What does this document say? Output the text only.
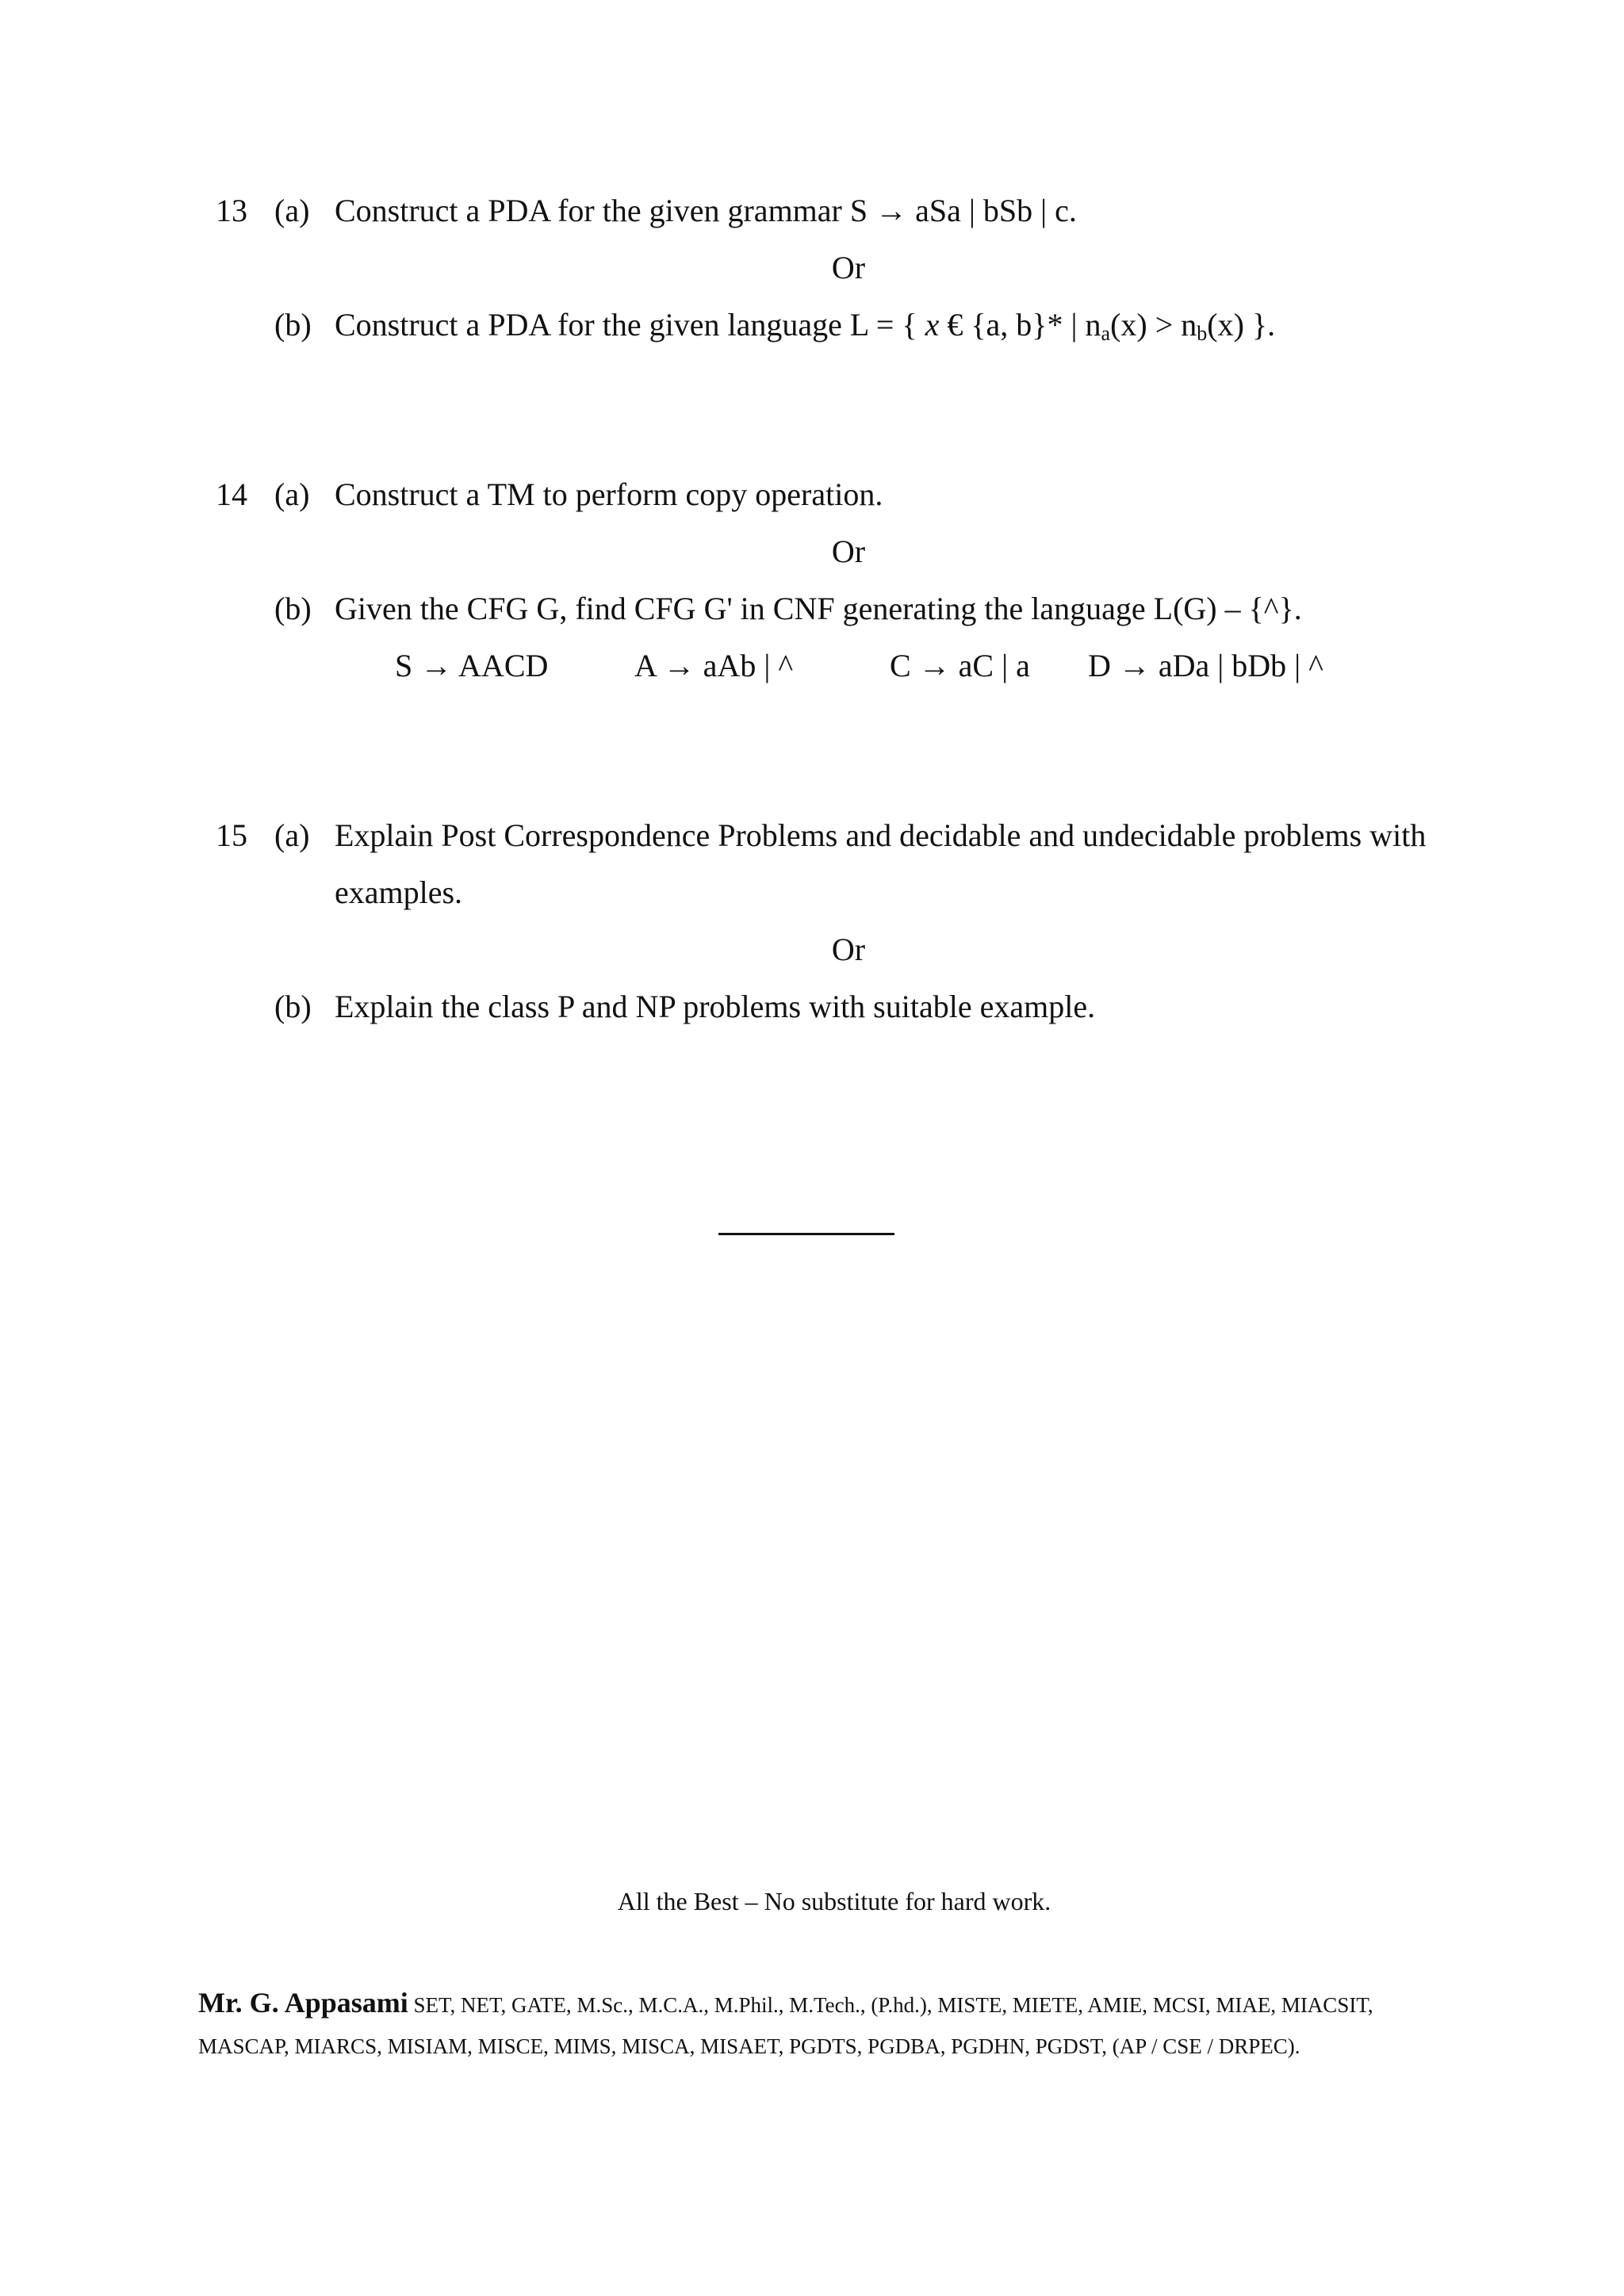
13 (a) Construct a PDA for the given grammar S → aSa | bSb | c.
Or
(b) Construct a PDA for the given language L = { x € {a, b}* | $n_a(x) > n_b(x)$ }.
14 (a) Construct a TM to perform copy operation.
Or
(b) Given the CFG G, find CFG G' in CNF generating the language L(G) – {^}.
S → AACD	A → aAb | ^	C → aC | a D → aDa | bDb | ^
15 (a) Explain Post Correspondence Problems and decidable and undecidable problems with
examples.
Or
(b) Explain the class P and NP problems with suitable example.
All the Best – No substitute for hard work.
Mr. G. Appasami SET, NET, GATE, M.Sc., M.C.A., M.Phil., M.Tech., (P.hd.), MISTE, MIETE, AMIE, MCSI, MIAE, MIACSIT,
MASCAP, MIARCS, MISIAM, MISCE, MIMS, MISCA, MISAET, PGDTS, PGDBA, PGDHN, PGDST, (AP / CSE / DRPEC).
